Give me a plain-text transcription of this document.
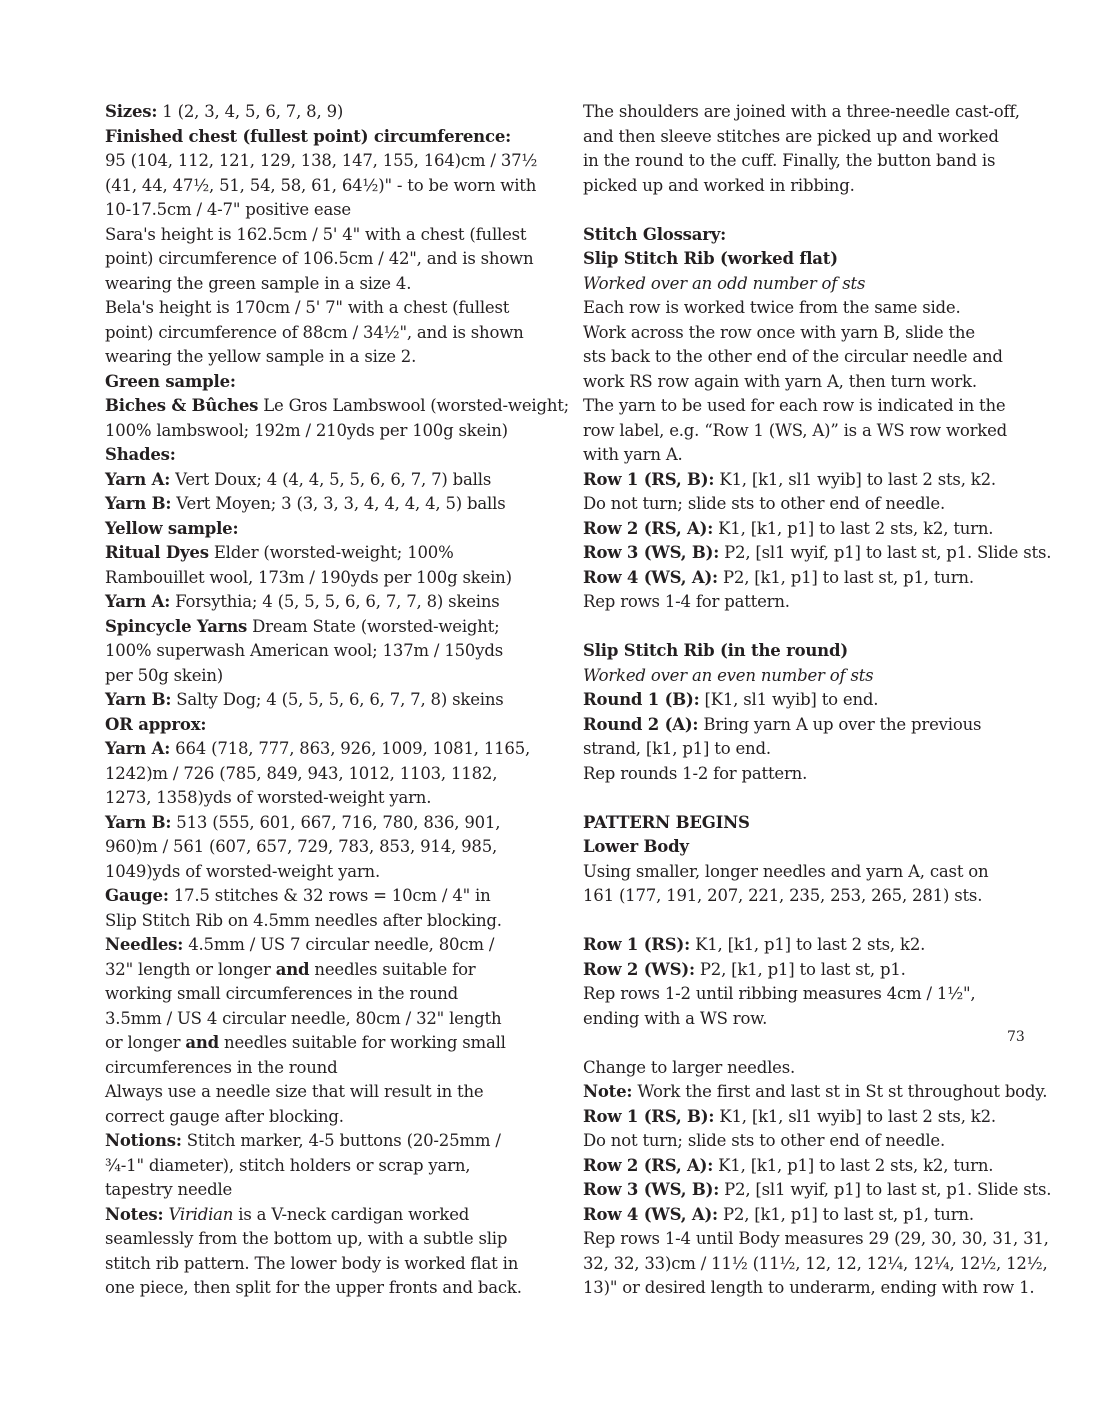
Sizes: 1 (2, 3, 4, 5, 6, 7, 8, 9)
Finished chest (fullest point) circumference:
95 (104, 112, 121, 129, 138, 147, 155, 164)cm / 37½
(41, 44, 47½, 51, 54, 58, 61, 64½)" - to be worn with
10-17.5cm / 4-7" positive ease
Sara's height is 162.5cm / 5' 4" with a chest (fullest
point) circumference of 106.5cm / 42", and is shown
wearing the green sample in a size 4.
Bela's height is 170cm / 5' 7" with a chest (fullest
point) circumference of 88cm / 34½", and is shown
wearing the yellow sample in a size 2.
Green sample:
Biches & Bûches Le Gros Lambswool (worsted-weight;
100% lambswool; 192m / 210yds per 100g skein)
Shades:
Yarn A: Vert Doux; 4 (4, 4, 5, 5, 6, 6, 7, 7) balls
Yarn B: Vert Moyen; 3 (3, 3, 3, 4, 4, 4, 4, 5) balls
Yellow sample:
Ritual Dyes Elder (worsted-weight; 100%
Rambouillet wool, 173m / 190yds per 100g skein)
Yarn A: Forsythia; 4 (5, 5, 5, 6, 6, 7, 7, 8) skeins
Spincycle Yarns Dream State (worsted-weight;
100% superwash American wool; 137m / 150yds
per 50g skein)
Yarn B: Salty Dog; 4 (5, 5, 5, 6, 6, 7, 7, 8) skeins
OR approx:
Yarn A: 664 (718, 777, 863, 926, 1009, 1081, 1165,
1242)m / 726 (785, 849, 943, 1012, 1103, 1182,
1273, 1358)yds of worsted-weight yarn.
Yarn B: 513 (555, 601, 667, 716, 780, 836, 901,
960)m / 561 (607, 657, 729, 783, 853, 914, 985,
1049)yds of worsted-weight yarn.
Gauge: 17.5 stitches & 32 rows = 10cm / 4" in
Slip Stitch Rib on 4.5mm needles after blocking.
Needles: 4.5mm / US 7 circular needle, 80cm /
32" length or longer and needles suitable for
working small circumferences in the round
3.5mm / US 4 circular needle, 80cm / 32" length
or longer and needles suitable for working small
circumferences in the round
Always use a needle size that will result in the
correct gauge after blocking.
Notions: Stitch marker, 4-5 buttons (20-25mm /
¾-1" diameter), stitch holders or scrap yarn,
tapestry needle
Notes: Viridian is a V-neck cardigan worked
seamlessly from the bottom up, with a subtle slip
stitch rib pattern. The lower body is worked flat in
one piece, then split for the upper fronts and back.
The shoulders are joined with a three-needle cast-off,
and then sleeve stitches are picked up and worked
in the round to the cuff. Finally, the button band is
picked up and worked in ribbing.
Stitch Glossary:
Slip Stitch Rib (worked flat)
Worked over an odd number of sts
Each row is worked twice from the same side.
Work across the row once with yarn B, slide the
sts back to the other end of the circular needle and
work RS row again with yarn A, then turn work.
The yarn to be used for each row is indicated in the
row label, e.g. “Row 1 (WS, A)” is a WS row worked
with yarn A.
Row 1 (RS, B): K1, [k1, sl1 wyib] to last 2 sts, k2.
Do not turn; slide sts to other end of needle.
Row 2 (RS, A): K1, [k1, p1] to last 2 sts, k2, turn.
Row 3 (WS, B): P2, [sl1 wyif, p1] to last st, p1. Slide sts.
Row 4 (WS, A): P2, [k1, p1] to last st, p1, turn.
Rep rows 1-4 for pattern.
Slip Stitch Rib (in the round)
Worked over an even number of sts
Round 1 (B): [K1, sl1 wyib] to end.
Round 2 (A): Bring yarn A up over the previous
strand, [k1, p1] to end.
Rep rounds 1-2 for pattern.
PATTERN BEGINS
Lower Body
Using smaller, longer needles and yarn A, cast on
161 (177, 191, 207, 221, 235, 253, 265, 281) sts.
Row 1 (RS): K1, [k1, p1] to last 2 sts, k2.
Row 2 (WS): P2, [k1, p1] to last st, p1.
Rep rows 1-2 until ribbing measures 4cm / 1½",
ending with a WS row.
Change to larger needles.
Note: Work the first and last st in St st throughout body.
Row 1 (RS, B): K1, [k1, sl1 wyib] to last 2 sts, k2.
Do not turn; slide sts to other end of needle.
Row 2 (RS, A): K1, [k1, p1] to last 2 sts, k2, turn.
Row 3 (WS, B): P2, [sl1 wyif, p1] to last st, p1. Slide sts.
Row 4 (WS, A): P2, [k1, p1] to last st, p1, turn.
Rep rows 1-4 until Body measures 29 (29, 30, 30, 31, 31,
32, 32, 33)cm / 11½ (11½, 12, 12, 12¼, 12¼, 12½, 12½,
13)" or desired length to underarm, ending with row 1.
73
